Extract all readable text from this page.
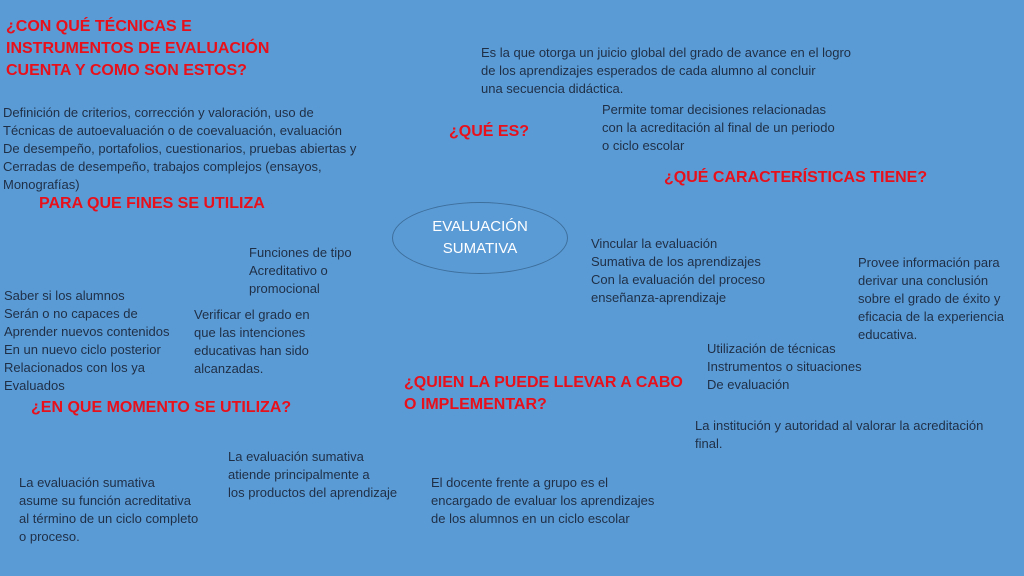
EVALUACIÓN
SUMATIVA
¿CON QUÉ TÉCNICAS E
INSTRUMENTOS DE EVALUACIÓN
CUENTA Y COMO SON ESTOS?
¿QUÉ ES?
¿QUÉ CARACTERÍSTICAS TIENE?
PARA QUE FINES SE UTILIZA
¿EN QUE MOMENTO SE UTILIZA?
¿QUIEN LA PUEDE LLEVAR A CABO
O IMPLEMENTAR?
Definición de criterios, corrección y valoración, uso de
Técnicas de autoevaluación o de coevaluación, evaluación
De desempeño, portafolios, cuestionarios, pruebas abiertas y
Cerradas de desempeño, trabajos complejos (ensayos,
Monografías)
Es la que otorga un juicio global del grado de avance en el logro
de los aprendizajes esperados de cada alumno al concluir
una secuencia didáctica.
Permite tomar decisiones relacionadas
con la acreditación al final de un periodo
o ciclo escolar
Funciones de tipo
Acreditativo o
promocional
Saber si los alumnos
Serán o no capaces de
Aprender nuevos contenidos
En un nuevo ciclo posterior
Relacionados con los ya
Evaluados
Verificar el grado en
que las intenciones
educativas han sido
alcanzadas.
Vincular la evaluación
Sumativa de los aprendizajes
Con la evaluación del proceso
enseñanza-aprendizaje
Provee información para
derivar una conclusión
sobre el grado de éxito y
eficacia de la experiencia
educativa.
Utilización de técnicas
Instrumentos o situaciones
De evaluación
La institución y autoridad al valorar la acreditación
final.
El docente frente a grupo es el
encargado de evaluar los aprendizajes
de los alumnos en un ciclo escolar
La evaluación sumativa
asume su función acreditativa
al término de un ciclo completo
o proceso.
La evaluación sumativa
atiende principalmente a
los productos del aprendizaje
